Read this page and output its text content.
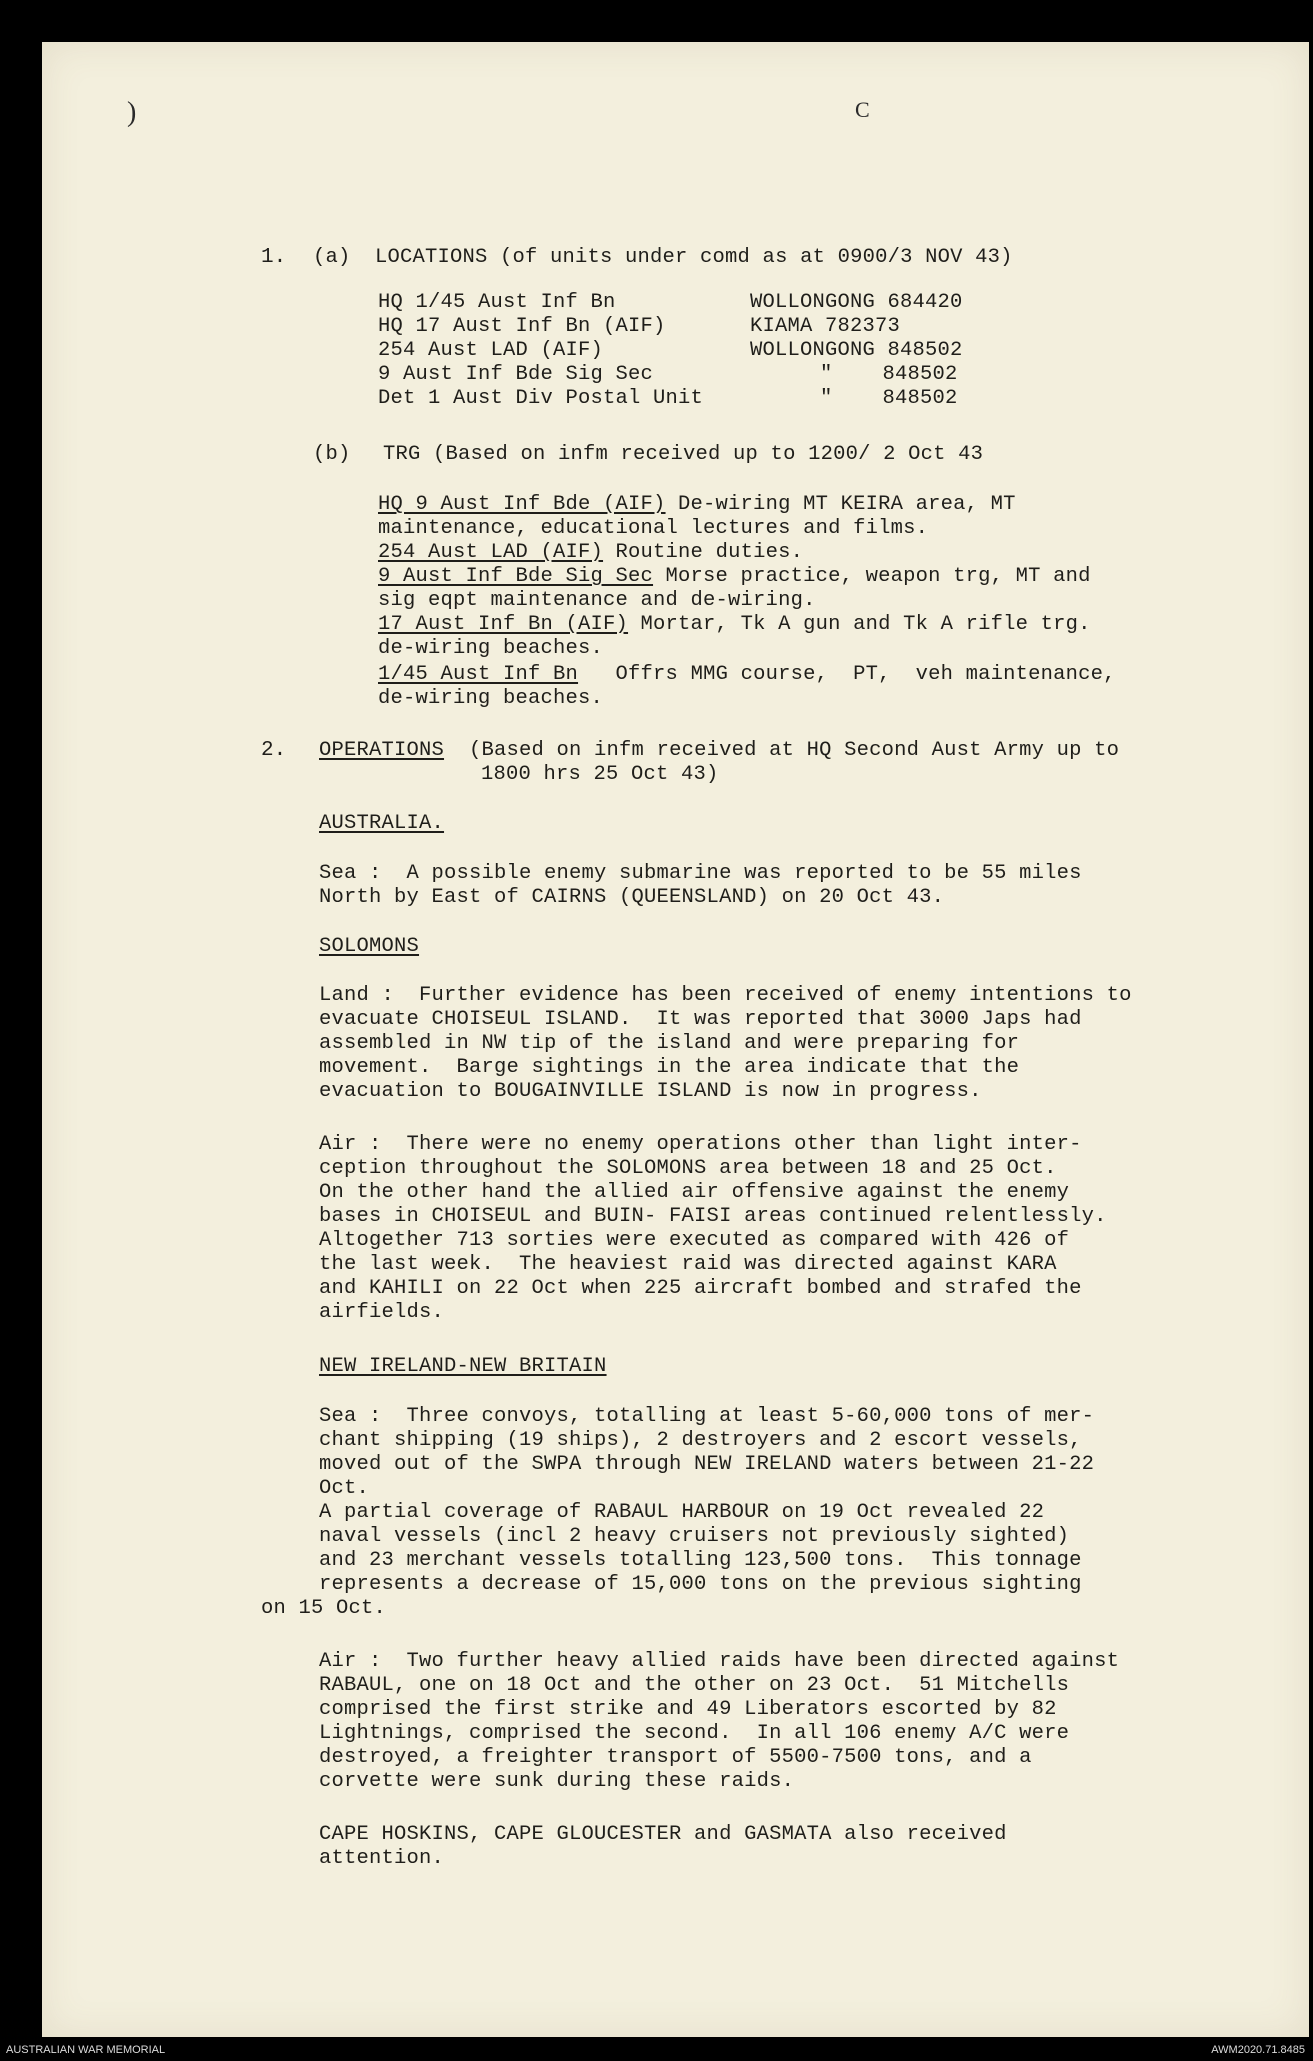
)	C
1. (a) LOCATIONS (of units under comd as at 0900/3 NOV 43)
HQ 1/45 Aust Inf Bn	WOLLONGONG 684420
HQ 17 Aust Inf Bn (AIF)	KIAMA 782373
254 Aust LAD (AIF)	WOLLONGONG 848502
9 Aust Inf Bde Sig Sec	"    848502
Det 1 Aust Div Postal Unit	"    848502
(b) TRG (Based on infm received up to 1200/ 2 Oct 43
HQ 9 Aust Inf Bde (AIF) De-wiring MT KEIRA area, MT
maintenance, educational lectures and films.
254 Aust LAD (AIF) Routine duties.
9 Aust Inf Bde Sig Sec Morse practice, weapon trg, MT and
sig eqpt maintenance and de-wiring.
17 Aust Inf Bn (AIF) Mortar, Tk A gun and Tk A rifle trg.
de-wiring beaches.
1/45 Aust Inf Bn   Offrs MMG course,  PT,  veh maintenance,
de-wiring beaches.
2. OPERATIONS  (Based on infm received at HQ Second Aust Army up to
1800 hrs 25 Oct 43)
AUSTRALIA.
Sea :  A possible enemy submarine was reported to be 55 miles
North by East of CAIRNS (QUEENSLAND) on 20 Oct 43.
SOLOMONS
Land :  Further evidence has been received of enemy intentions to
evacuate CHOISEUL ISLAND.  It was reported that 3000 Japs had
assembled in NW tip of the island and were preparing for
movement.  Barge sightings in the area indicate that the
evacuation to BOUGAINVILLE ISLAND is now in progress.
Air :  There were no enemy operations other than light inter-
ception throughout the SOLOMONS area between 18 and 25 Oct.
On the other hand the allied air offensive against the enemy
bases in CHOISEUL and BUIN- FAISI areas continued relentlessly.
Altogether 713 sorties were executed as compared with 426 of
the last week.  The heaviest raid was directed against KARA
and KAHILI on 22 Oct when 225 aircraft bombed and strafed the
airfields.
NEW IRELAND-NEW BRITAIN
Sea :  Three convoys, totalling at least 5-60,000 tons of mer-
chant shipping (19 ships), 2 destroyers and 2 escort vessels,
moved out of the SWPA through NEW IRELAND waters between 21-22
Oct.
A partial coverage of RABAUL HARBOUR on 19 Oct revealed 22
naval vessels (incl 2 heavy cruisers not previously sighted)
and 23 merchant vessels totalling 123,500 tons.  This tonnage
represents a decrease of 15,000 tons on the previous sighting
on 15 Oct.
Air :  Two further heavy allied raids have been directed against
RABAUL, one on 18 Oct and the other on 23 Oct.  51 Mitchells
comprised the first strike and 49 Liberators escorted by 82
Lightnings, comprised the second.  In all 106 enemy A/C were
destroyed, a freighter transport of 5500-7500 tons, and a
corvette were sunk during these raids.
CAPE HOSKINS, CAPE GLOUCESTER and GASMATA also received
attention.
AUSTRALIAN WAR MEMORIAL	AWM2020.71.8485
